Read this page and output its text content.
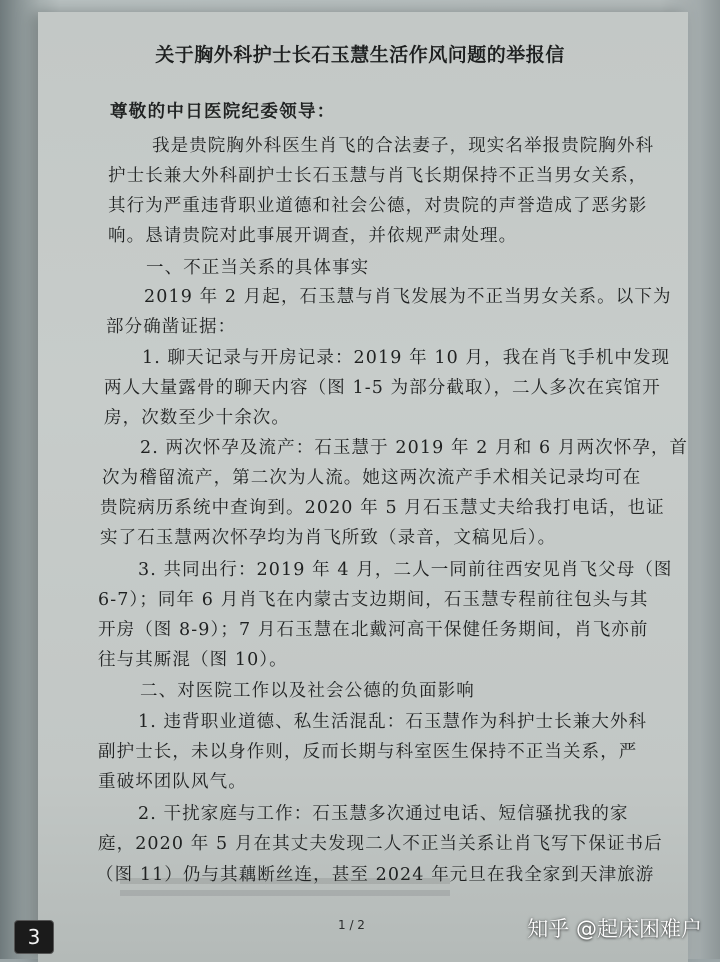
关于胸外科护士长石玉慧生活作风问题的举报信
尊敬的中日医院纪委领导：
我是贵院胸外科医生肖飞的合法妻子，现实名举报贵院胸外科
护士长兼大外科副护士长石玉慧与肖飞长期保持不正当男女关系，
其行为严重违背职业道德和社会公德，对贵院的声誉造成了恶劣影
响。恳请贵院对此事展开调查，并依规严肃处理。
一、不正当关系的具体事实
2019 年 2 月起，石玉慧与肖飞发展为不正当男女关系。以下为
部分确凿证据：
1. 聊天记录与开房记录：2019 年 10 月，我在肖飞手机中发现
两人大量露骨的聊天内容（图 1-5 为部分截取），二人多次在宾馆开
房，次数至少十余次。
2. 两次怀孕及流产：石玉慧于 2019 年 2 月和 6 月两次怀孕，首
次为稽留流产，第二次为人流。她这两次流产手术相关记录均可在
贵院病历系统中查询到。2020 年 5 月石玉慧丈夫给我打电话，也证
实了石玉慧两次怀孕均为肖飞所致（录音，文稿见后）。
3. 共同出行：2019 年 4 月，二人一同前往西安见肖飞父母（图
6-7）；同年 6 月肖飞在内蒙古支边期间，石玉慧专程前往包头与其
开房（图 8-9）；7 月石玉慧在北戴河高干保健任务期间，肖飞亦前
往与其厮混（图 10）。
二、对医院工作以及社会公德的负面影响
1. 违背职业道德、私生活混乱：石玉慧作为科护士长兼大外科
副护士长，未以身作则，反而长期与科室医生保持不正当关系，严
重破坏团队风气。
2. 干扰家庭与工作：石玉慧多次通过电话、短信骚扰我的家
庭，2020 年 5 月在其丈夫发现二人不正当关系让肖飞写下保证书后
（图 11）仍与其藕断丝连，甚至 2024 年元旦在我全家到天津旅游
1 / 2
3	知乎 @起床困难户
